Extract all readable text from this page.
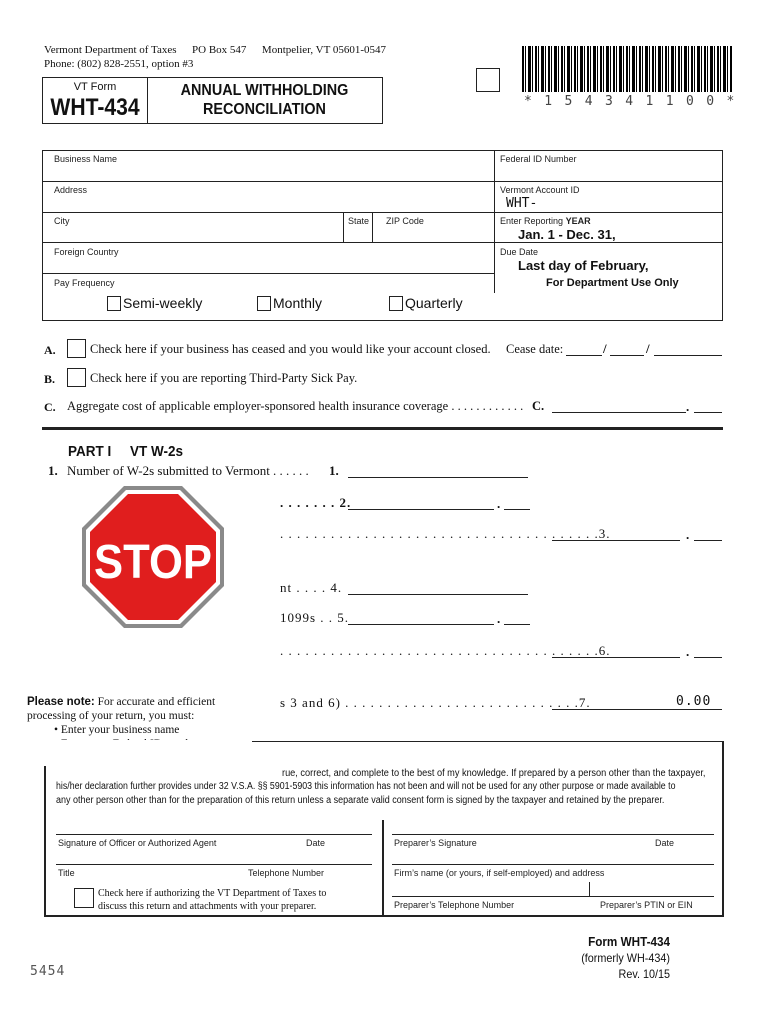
Vermont Department of Taxes PO Box 547 Montpelier, VT 05601-0547
Phone: (802) 828-2551, option #3
VT Form
WHT-434
ANNUAL WITHHOLDING
RECONCILIATION	* 1 5 4 3 4 1 1 0 0 *
Business Name	Federal ID Number
Address	Vermont Account ID
WHT-
City	State ZIP Code	Enter Reporting YEAR
Jan. 1 - Dec. 31,
Foreign Country	Due Date
Last day of February,
Pay Frequency	For Department Use Only
Semi-weekly	Monthly	Quarterly
A.	Check here if your business has ceased and you would like your account closed. Cease date:	/	/
B.	Check here if you are reporting Third-Party Sick Pay.
C. Aggregate cost of applicable employer-sponsored health insurance coverage . . . . . . . . . . . . C.	.
PART I VT W-2s
1. Number of W-2s submitted to Vermont . . . . . . 1.
. . . . . . . 2.	.
. . . . . . . . . . . . . . . . . . . . . . . . . . . . . . . . . . . . . .3.	.
nt . . . . 4.
1099s . . 5.	.
. . . . . . . . . . . . . . . . . . . . . . . . . . . . . . . . . . . . . .6.	.
s 3 and 6) . . . . . . . . . . . . . . . . . . . . . . . . . . . .7.	0.00
STOP
Please note: For accurate and efficient
processing of your return, you must:
• Enter your business name
rue, correct, and complete to the best of my knowledge. If prepared by a person other than the taxpayer,
his/her declaration further provides under 32 V.S.A. §§ 5901-5903 this information has not been and will not be used for any other purpose or made available to
any other person other than for the preparation of this return unless a separate valid consent form is signed by the taxpayer and retained by the preparer.
Signature of Officer or Authorized Agent	Date
Title	Telephone Number
Check here if authorizing the VT Department of Taxes to
discuss this return and attachments with your preparer.
Preparer’s Signature	Date
Firm’s name (or yours, if self-employed) and address
Preparer’s Telephone Number	Preparer’s PTIN or EIN
5454
Form WHT-434
(formerly WH-434)
Rev. 10/15
